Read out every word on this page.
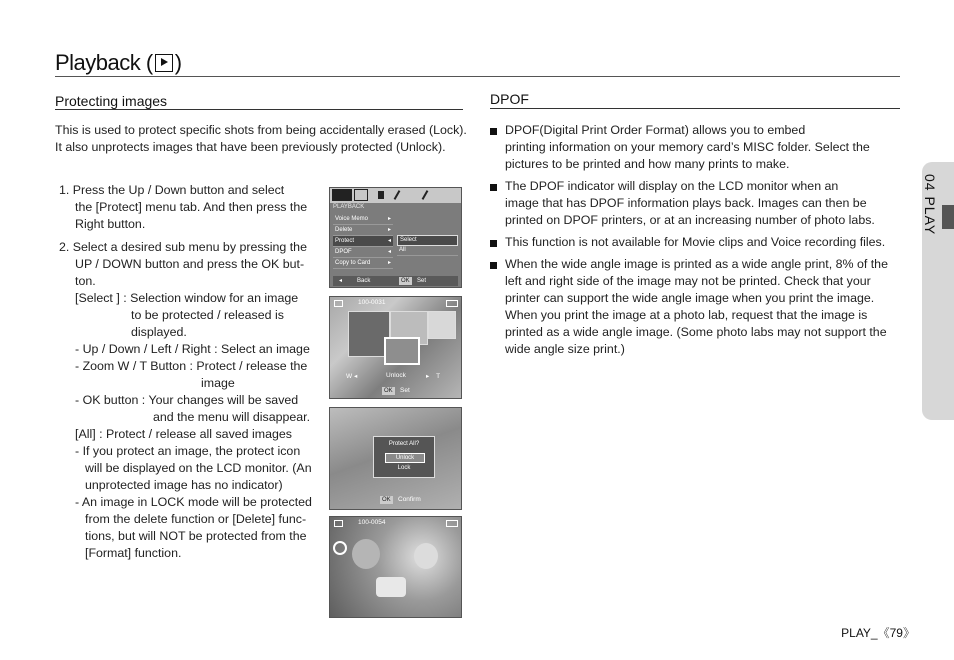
Playback ( )
04 PLAY
Protecting images
This is used to protect specific shots from being accidentally erased (Lock).
It also unprotects images that have been previously protected (Unlock).
1. Press the Up / Down button and select
the [Protect] menu tab. And then press the
Right button.
2. Select a desired sub menu by pressing the
UP / DOWN button and press the OK but-
ton.
[Select ] : Selection window for an image
to be protected / released is
displayed.
- Up / Down / Left / Right : Select an image
- Zoom W / T Button : Protect / release the
image
- OK button : Your changes will be saved
and the menu will disappear.
[All] : Protect / release all saved images
- If you protect an image, the protect icon
will be displayed on the LCD monitor. (An
unprotected image has no indicator)
- An image in LOCK mode will be protected
from the delete function or [Delete] func-
tions, but will NOT be protected from the
[Format] function.
PLAYBACK
Voice Memo	▸
Delete	▸
Protect	◂
DPOF	◂
Copy to Card	▸
Select
All
◂ Back	OK	Set
100-0031
W ◂	Unlock	▸ T
OK	Set
Protect All?
Unlock
Lock
OK	Confirm
100-0054
DPOF
DPOF(Digital Print Order Format) allows you to embed
printing information on your memory card’s MISC folder. Select the
pictures to be printed and how many prints to make.
The DPOF indicator will display on the LCD monitor when an
image that has DPOF information plays back. Images can then be
printed on DPOF printers, or at an increasing number of photo labs.
This function is not available for Movie clips and Voice recording files.
When the wide angle image is printed as a wide angle print, 8% of the
left and right side of the image may not be printed. Check that your
printer can support the wide angle image when you print the image.
When you print the image at a photo lab, request that the image is
printed as a wide angle image. (Some photo labs may not support the
wide angle size print.)
PLAY_《79》
